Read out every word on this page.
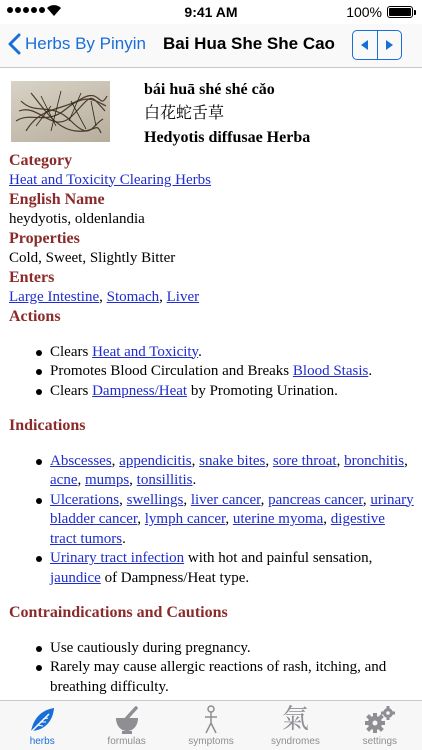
9:41 AM	100%
Herbs By Pinyin Bai Hua She She Cao
bái huā shé shé cǎo
白花蛇舌草
Hedyotis diffusae Herba
Category
Heat and Toxicity Clearing Herbs
English Name
heydyotis, oldenlandia
Properties
Cold, Sweet, Slightly Bitter
Enters
Large Intestine, Stomach, Liver
Actions
Clears Heat and Toxicity.
Promotes Blood Circulation and Breaks Blood Stasis.
Clears Dampness/Heat by Promoting Urination.
Indications
Abscesses, appendicitis, snake bites, sore throat, bronchitis, acne, mumps, tonsillitis.
Ulcerations, swellings, liver cancer, pancreas cancer, urinary bladder cancer, lymph cancer, uterine myoma, digestive tract tumors.
Urinary tract infection with hot and painful sensation, jaundice of Dampness/Heat type.
Contraindications and Cautions
Use cautiously during pregnancy.
Rarely may cause allergic reactions of rash, itching, and breathing difficulty.
herbs	formulas	symptoms
氣
syndromes	settings
